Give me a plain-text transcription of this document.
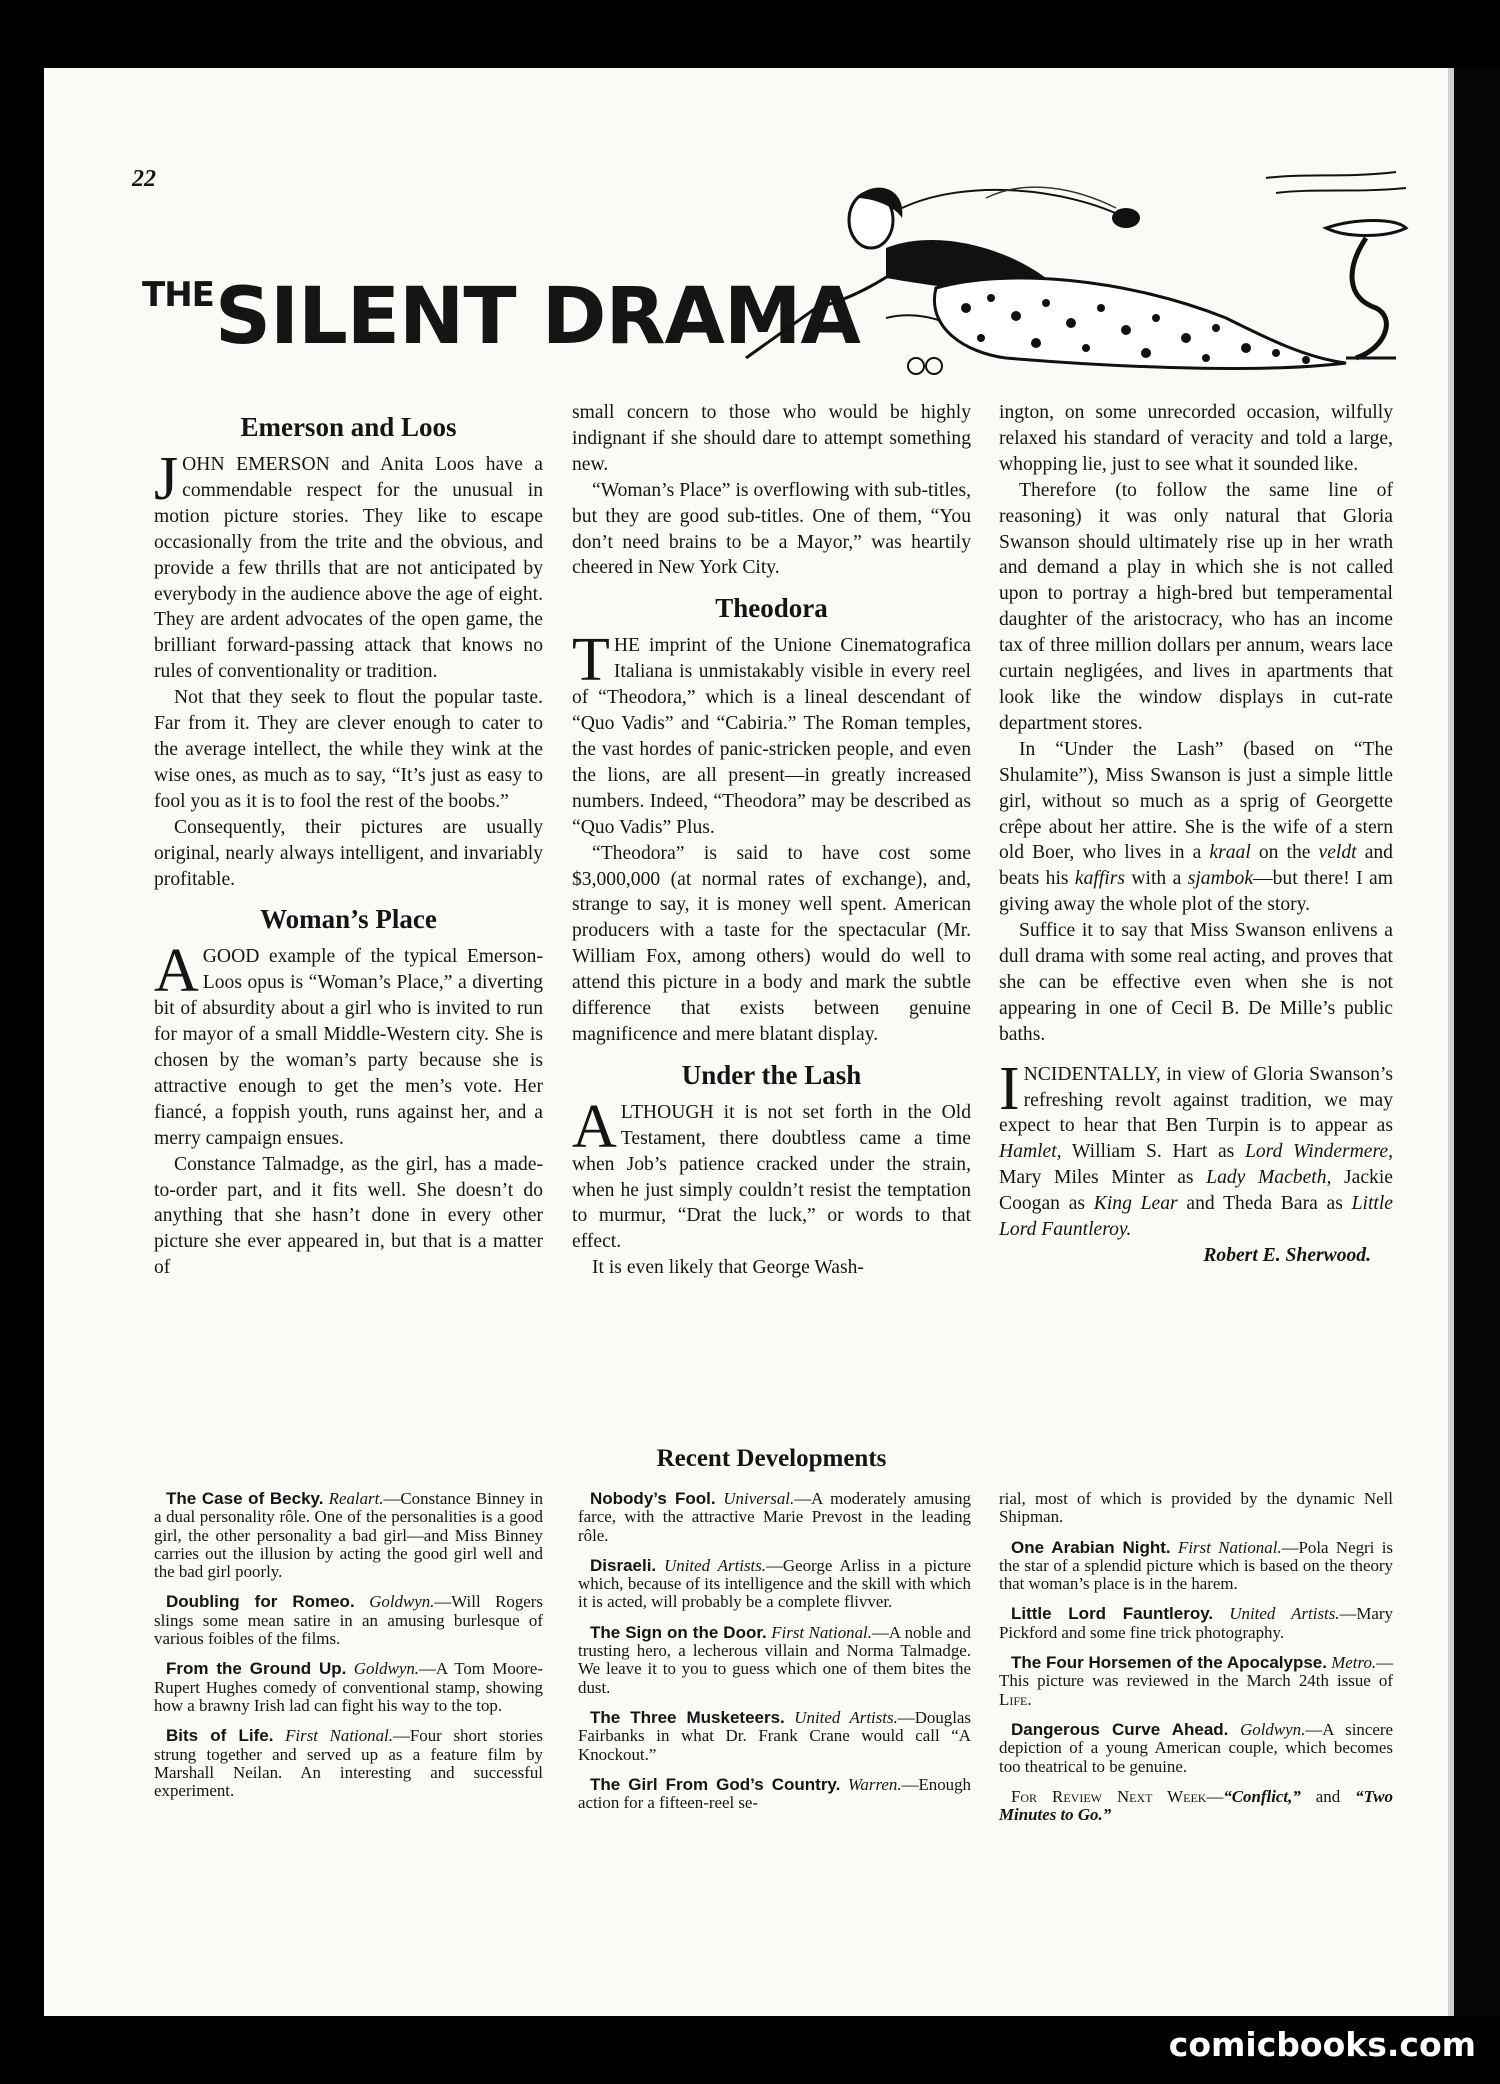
22
$^{THE}$SILENT DRAMA
Emerson and Loos

JOHN EMERSON and Anita Loos have a commendable respect for the unusual in motion picture stories. They like to escape occasionally from the trite and the obvious, and provide a few thrills that are not anticipated by everybody in the audience above the age of eight. They are ardent advocates of the open game, the brilliant forward-passing attack that knows no rules of conventionality or tradition.

Not that they seek to flout the popular taste. Far from it. They are clever enough to cater to the average intellect, the while they wink at the wise ones, as much as to say, “It’s just as easy to fool you as it is to fool the rest of the boobs.”

Consequently, their pictures are usually original, nearly always intelligent, and invariably profitable.

Woman’s Place

A GOOD example of the typical Emerson-Loos opus is “Woman’s Place,” a diverting bit of absurdity about a girl who is invited to run for mayor of a small Middle-Western city. She is chosen by the woman’s party because she is attractive enough to get the men’s vote. Her fiancé, a foppish youth, runs against her, and a merry campaign ensues.

Constance Talmadge, as the girl, has a made-to-order part, and it fits well. She doesn’t do anything that she hasn’t done in every other picture she ever appeared in, but that is a matter of

small concern to those who would be highly indignant if she should dare to attempt something new.

“Woman’s Place” is overflowing with sub-titles, but they are good sub-titles. One of them, “You don’t need brains to be a Mayor,” was heartily cheered in New York City.

Theodora

THE imprint of the Unione Cinematografica Italiana is unmistakably visible in every reel of “Theodora,” which is a lineal descendant of “Quo Vadis” and “Cabiria.” The Roman temples, the vast hordes of panic-stricken people, and even the lions, are all present—in greatly increased numbers. Indeed, “Theodora” may be described as “Quo Vadis” Plus.

“Theodora” is said to have cost some $3,000,000 (at normal rates of exchange), and, strange to say, it is money well spent. American producers with a taste for the spectacular (Mr. William Fox, among others) would do well to attend this picture in a body and mark the subtle difference that exists between genuine magnificence and mere blatant display.

Under the Lash

ALTHOUGH it is not set forth in the Old Testament, there doubtless came a time when Job’s patience cracked under the strain, when he just simply couldn’t resist the temptation to murmur, “Drat the luck,” or words to that effect.

It is even likely that George Wash-

ington, on some unrecorded occasion, wilfully relaxed his standard of veracity and told a large, whopping lie, just to see what it sounded like.

Therefore (to follow the same line of reasoning) it was only natural that Gloria Swanson should ultimately rise up in her wrath and demand a play in which she is not called upon to portray a high-bred but temperamental daughter of the aristocracy, who has an income tax of three million dollars per annum, wears lace curtain negligées, and lives in apartments that look like the window displays in cut-rate department stores.

In “Under the Lash” (based on “The Shulamite”), Miss Swanson is just a simple little girl, without so much as a sprig of Georgette crêpe about her attire. She is the wife of a stern old Boer, who lives in a kraal on the veldt and beats his kaffirs with a sjambok—but there! I am giving away the whole plot of the story.

Suffice it to say that Miss Swanson enlivens a dull drama with some real acting, and proves that she can be effective even when she is not appearing in one of Cecil B. De Mille’s public baths.

INCIDENTALLY, in view of Gloria Swanson’s refreshing revolt against tradition, we may expect to hear that Ben Turpin is to appear as Hamlet, William S. Hart as Lord Windermere, Mary Miles Minter as Lady Macbeth, Jackie Coogan as King Lear and Theda Bara as Little Lord Fauntleroy.

Robert E. Sherwood.
Recent Developments

The Case of Becky. Realart.—Constance Binney in a dual personality rôle. One of the personalities is a good girl, the other personality a bad girl—and Miss Binney carries out the illusion by acting the good girl well and the bad girl poorly.

Doubling for Romeo. Goldwyn.—Will Rogers slings some mean satire in an amusing burlesque of various foibles of the films.

From the Ground Up. Goldwyn.—A Tom Moore-Rupert Hughes comedy of conventional stamp, showing how a brawny Irish lad can fight his way to the top.

Bits of Life. First National.—Four short stories strung together and served up as a feature film by Marshall Neilan. An interesting and successful experiment.

Nobody’s Fool. Universal.—A moderately amusing farce, with the attractive Marie Prevost in the leading rôle.

Disraeli. United Artists.—George Arliss in a picture which, because of its intelligence and the skill with which it is acted, will probably be a complete flivver.

The Sign on the Door. First National.—A noble and trusting hero, a lecherous villain and Norma Talmadge. We leave it to you to guess which one of them bites the dust.

The Three Musketeers. United Artists.—Douglas Fairbanks in what Dr. Frank Crane would call “A Knockout.”

The Girl From God’s Country. Warren.—Enough action for a fifteen-reel se-

rial, most of which is provided by the dynamic Nell Shipman.

One Arabian Night. First National.—Pola Negri is the star of a splendid picture which is based on the theory that woman’s place is in the harem.

Little Lord Fauntleroy. United Artists.—Mary Pickford and some fine trick photography.

The Four Horsemen of the Apocalypse. Metro.—This picture was reviewed in the March 24th issue of Life.

Dangerous Curve Ahead. Goldwyn.—A sincere depiction of a young American couple, which becomes too theatrical to be genuine.

For Review Next Week—“Conflict,” and “Two Minutes to Go.”

comicbooks.com
